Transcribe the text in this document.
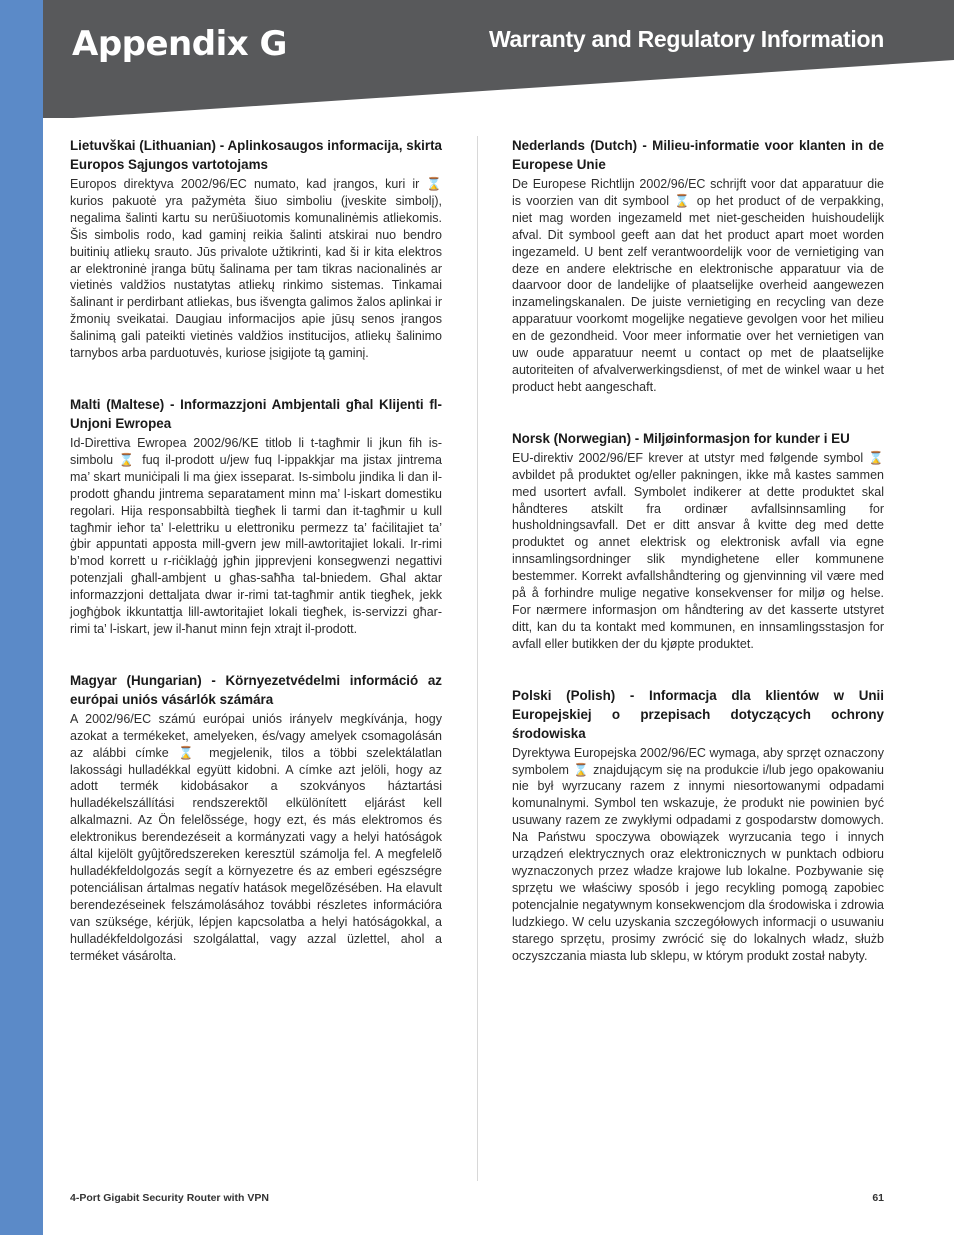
Appendix G	Warranty and Regulatory Information
Lietuvškai (Lithuanian) - Aplinkosaugos informacija, skirta Europos Sąjungos vartotojams

Europos direktyva 2002/96/EC numato, kad įrangos, kuri ir ⌛ kurios pakuotė yra pažymėta šiuo simboliu (įveskite simbolį), negalima šalinti kartu su nerūšiuotomis komunalinėmis atliekomis. Šis simbolis rodo, kad gaminį reikia šalinti atskirai nuo bendro buitinių atliekų srauto. Jūs privalote užtikrinti, kad ši ir kita elektros ar elektroninė įranga būtų šalinama per tam tikras nacionalinės ar vietinės valdžios nustatytas atliekų rinkimo sistemas. Tinkamai šalinant ir perdirbant atliekas, bus išvengta galimos žalos aplinkai ir žmonių sveikatai. Daugiau informacijos apie jūsų senos įrangos šalinimą gali pateikti vietinės valdžios institucijos, atliekų šalinimo tarnybos arba parduotuvės, kuriose įsigijote tą gaminį.

Malti (Maltese) - Informazzjoni Ambjentali għal Klijenti fl-Unjoni Ewropea

Id-Direttiva Ewropea 2002/96/KE titlob li t-tagħmir li jkun fih is-simbolu ⌛ fuq il-prodott u/jew fuq l-ippakkjar ma jistax jintrema ma’ skart muniċipali li ma ġiex isseparat. Is-simbolu jindika li dan il-prodott għandu jintrema separatament minn ma’ l-iskart domestiku regolari. Hija responsabbiltà tiegħek li tarmi dan it-tagħmir u kull tagħmir ieħor ta’ l-elettriku u elettroniku permezz ta’ faċilitajiet ta’ ġbir appuntati apposta mill-gvern jew mill-awtoritajiet lokali. Ir-rimi b’mod korrett u r-riċiklaġġ jgħin jipprevjeni konsegwenzi negattivi potenzjali għall-ambjent u għas-saħħa tal-bniedem. Għal aktar informazzjoni dettaljata dwar ir-rimi tat-tagħmir antik tiegħek, jekk jogħġbok ikkuntattja lill-awtoritajiet lokali tiegħek, is-servizzi għar-rimi ta’ l-iskart, jew il-ħanut minn fejn xtrajt il-prodott.

Magyar (Hungarian) - Környezetvédelmi információ az európai uniós vásárlók számára

A 2002/96/EC számú európai uniós irányelv megkívánja, hogy azokat a termékeket, amelyeken, és/vagy amelyek csomagolásán az alábbi címke ⌛ megjelenik, tilos a többi szelektálatlan lakossági hulladékkal együtt kidobni. A címke azt jelöli, hogy az adott termék kidobásakor a szokványos háztartási hulladékelszállítási rendszerektõl elkülönített eljárást kell alkalmazni. Az Ön felelõssége, hogy ezt, és más elektromos és elektronikus berendezéseit a kormányzati vagy a helyi hatóságok által kijelölt gyûjtõredszereken keresztül számolja fel. A megfelelõ hulladékfeldolgozás segít a környezetre és az emberi egészségre potenciálisan ártalmas negatív hatások megelõzésében. Ha elavult berendezéseinek felszámolásához további részletes információra van szüksége, kérjük, lépjen kapcsolatba a helyi hatóságokkal, a hulladékfeldolgozási szolgálattal, vagy azzal üzlettel, ahol a terméket vásárolta.

Nederlands (Dutch) - Milieu-informatie voor klanten in de Europese Unie

De Europese Richtlijn 2002/96/EC schrijft voor dat apparatuur die is voorzien van dit symbool ⌛ op het product of de verpakking, niet mag worden ingezameld met niet-gescheiden huishoudelijk afval. Dit symbool geeft aan dat het product apart moet worden ingezameld. U bent zelf verantwoordelijk voor de vernietiging van deze en andere elektrische en elektronische apparatuur via de daarvoor door de landelijke of plaatselijke overheid aangewezen inzamelingskanalen. De juiste vernietiging en recycling van deze apparatuur voorkomt mogelijke negatieve gevolgen voor het milieu en de gezondheid. Voor meer informatie over het vernietigen van uw oude apparatuur neemt u contact op met de plaatselijke autoriteiten of afvalverwerkingsdienst, of met de winkel waar u het product hebt aangeschaft.

Norsk (Norwegian) - Miljøinformasjon for kunder i EU

EU-direktiv 2002/96/EF krever at utstyr med følgende symbol ⌛ avbildet på produktet og/eller pakningen, ikke må kastes sammen med usortert avfall. Symbolet indikerer at dette produktet skal håndteres atskilt fra ordinær avfallsinnsamling for husholdningsavfall. Det er ditt ansvar å kvitte deg med dette produktet og annet elektrisk og elektronisk avfall via egne innsamlingsordninger slik myndighetene eller kommunene bestemmer. Korrekt avfallshåndtering og gjenvinning vil være med på å forhindre mulige negative konsekvenser for miljø og helse. For nærmere informasjon om håndtering av det kasserte utstyret ditt, kan du ta kontakt med kommunen, en innsamlingsstasjon for avfall eller butikken der du kjøpte produktet.

Polski (Polish) - Informacja dla klientów w Unii Europejskiej o przepisach dotyczących ochrony środowiska

Dyrektywa Europejska 2002/96/EC wymaga, aby sprzęt oznaczony symbolem ⌛ znajdującym się na produkcie i/lub jego opakowaniu nie był wyrzucany razem z innymi niesortowanymi odpadami komunalnymi. Symbol ten wskazuje, że produkt nie powinien być usuwany razem ze zwykłymi odpadami z gospodarstw domowych. Na Państwu spoczywa obowiązek wyrzucania tego i innych urządzeń elektrycznych oraz elektronicznych w punktach odbioru wyznaczonych przez władze krajowe lub lokalne. Pozbywanie się sprzętu we właściwy sposób i jego recykling pomogą zapobiec potencjalnie negatywnym konsekwencjom dla środowiska i zdrowia ludzkiego. W celu uzyskania szczegółowych informacji o usuwaniu starego sprzętu, prosimy zwrócić się do lokalnych władz, służb oczyszczania miasta lub sklepu, w którym produkt został nabyty.

4-Port Gigabit Security Router with VPN	61
